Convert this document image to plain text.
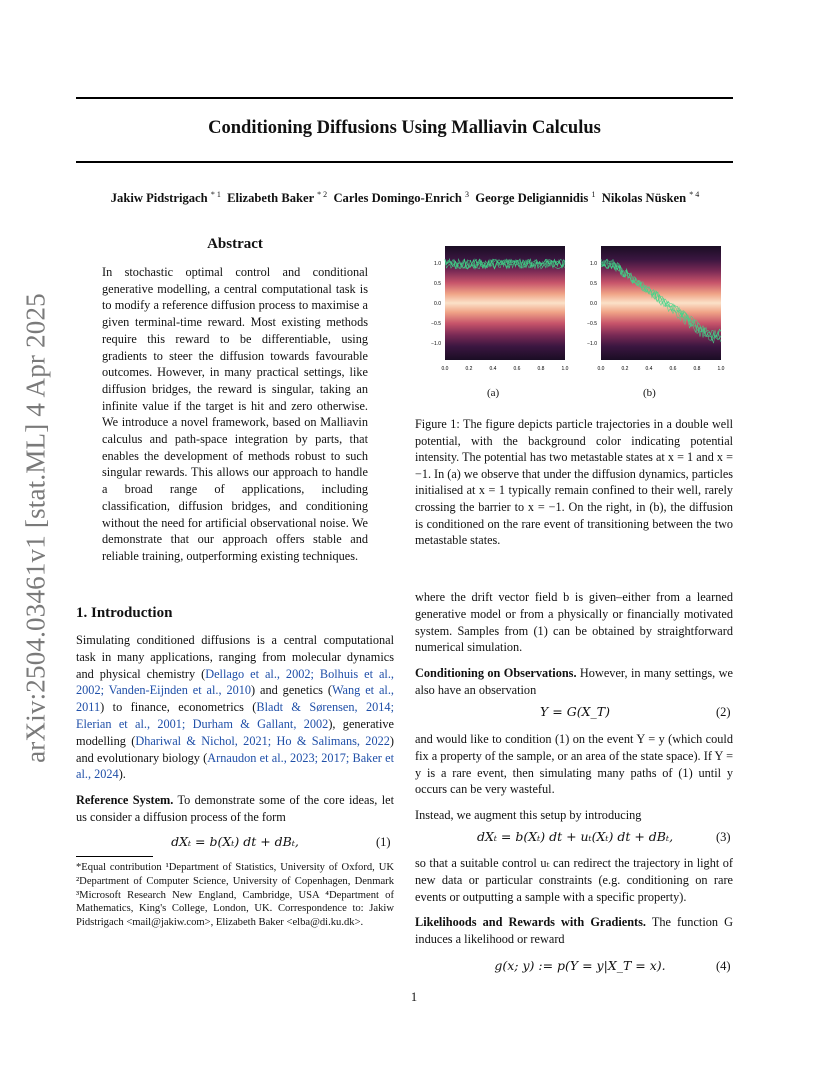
Conditioning Diffusions Using Malliavin Calculus
Jakiw Pidstrigach $^{* 1}$ Elizabeth Baker $^{* 2}$ Carles Domingo-Enrich $^3$ George Deligiannidis $^1$ Nikolas Nüsken $^{* 4}$
arXiv:2504.03461v1 [stat.ML] 4 Apr 2025
Abstract
In stochastic optimal control and conditional generative modelling, a central computational task is to modify a reference diffusion process to maximise a given terminal-time reward. Most existing methods require this reward to be differentiable, using gradients to steer the diffusion towards favourable outcomes. However, in many practical settings, like diffusion bridges, the reward is singular, taking an infinite value if the target is hit and zero otherwise. We introduce a novel framework, based on Malliavin calculus and path-space integration by parts, that enables the development of methods robust to such singular rewards. This allows our approach to handle a broad range of applications, including classification, diffusion bridges, and conditioning without the need for artificial observational noise. We demonstrate that our approach offers stable and reliable training, outperforming existing techniques.
1. Introduction

Simulating conditioned diffusions is a central computational task in many applications, ranging from molecular dynamics and physical chemistry (Dellago et al., 2002; Bolhuis et al., 2002; Vanden-Eijnden et al., 2010) and genetics (Wang et al., 2011) to finance, econometrics (Bladt & Sørensen, 2014; Elerian et al., 2001; Durham & Gallant, 2002), generative modelling (Dhariwal & Nichol, 2021; Ho & Salimans, 2022) and evolutionary biology (Arnaudon et al., 2023; 2017; Baker et al., 2024).

Reference System. To demonstrate some of the core ideas, let us consider a diffusion process of the form

dXₜ = b(Xₜ) dt + dBₜ,	(1)
*Equal contribution ¹Department of Statistics, University of Oxford, UK ²Department of Computer Science, University of Copenhagen, Denmark ³Microsoft Research New England, Cambridge, USA ⁴Department of Mathematics, King's College, London, UK. Correspondence to: Jakiw Pidstrigach <mail@jakiw.com>, Elizabeth Baker <elba@di.ku.dk>.
1.0
0.5
0.0
−0.5
−1.0
0.0	0.2	0.4	0.6	0.8	1.0
1.0
0.5
0.0
−0.5
−1.0
0.0	0.2	0.4	0.6	0.8	1.0
(a)	(b)
Figure 1: The figure depicts particle trajectories in a double well potential, with the background color indicating potential intensity. The potential has two metastable states at x = 1 and x = −1. In (a) we observe that under the diffusion dynamics, particles initialised at x = 1 typically remain confined to their well, rarely crossing the barrier to x = −1. On the right, in (b), the diffusion is conditioned on the rare event of transitioning between the two metastable states.

where the drift vector field b is given–either from a learned generative model or from a physically or financially motivated system. Samples from (1) can be obtained by straightforward numerical simulation.

Conditioning on Observations. However, in many settings, we also have an observation

Y = G(X_T)	(2)

and would like to condition (1) on the event Y = y (which could fix a property of the sample, or an area of the state space). If Y = y is a rare event, then simulating many paths of (1) until y occurs can be very wasteful.

Instead, we augment this setup by introducing

dXₜ = b(Xₜ) dt + uₜ(Xₜ) dt + dBₜ,	(3)

so that a suitable control uₜ can redirect the trajectory in light of new data or particular constraints (e.g. conditioning on rare events or outputting a sample with a specific property).

Likelihoods and Rewards with Gradients. The function G induces a likelihood or reward

g(x; y) := p(Y = y|X_T = x).	(4)
1
